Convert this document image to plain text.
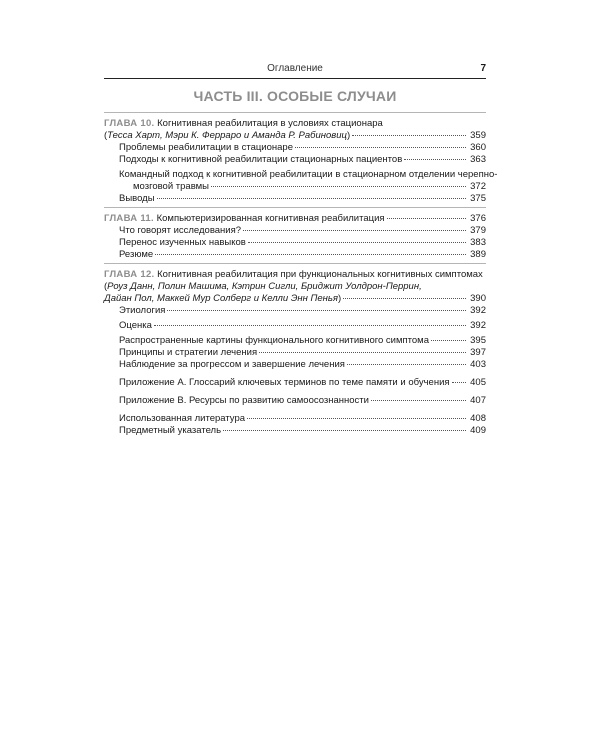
Оглавление	7
ЧАСТЬ III. ОСОБЫЕ СЛУЧАИ
ГЛАВА 10. Когнитивная реабилитация в условиях стационара
( Тесса Харт, Мэри К. Ферраро и Аманда Р. Рабиновиц )	359
Проблемы реабилитации в стационаре	360
Подходы к когнитивной реабилитации стационарных пациентов	363
Командный подход к когнитивной реабилитации в стационарном отделении черепно-
мозговой травмы	372
Выводы	375
ГЛАВА 11.
Компьютеризированная когнитивная реабилитация	376
Что говорят исследования?	379
Перенос изученных навыков	383
Резюме	389
ГЛАВА 12. Когнитивная реабилитация при функциональных когнитивных симптомах
(Роуз Данн, Полин Машима, Кэтрин Сигли, Бриджит Уолдрон-Перрин,
Дайан Пол, Маккей Мур Солберг и Келли Энн Пенья )	390
Этиология	392
Оценка	392
Распространенные картины функционального когнитивного симптома	395
Принципы и стратегии лечения	397
Наблюдение за прогрессом и завершение лечения	403
Приложение А. Глоссарий ключевых терминов по теме памяти и обучения 405
Приложение В. Ресурсы по развитию самоосознанности	407
Использованная литература	408
Предметный указатель	409
